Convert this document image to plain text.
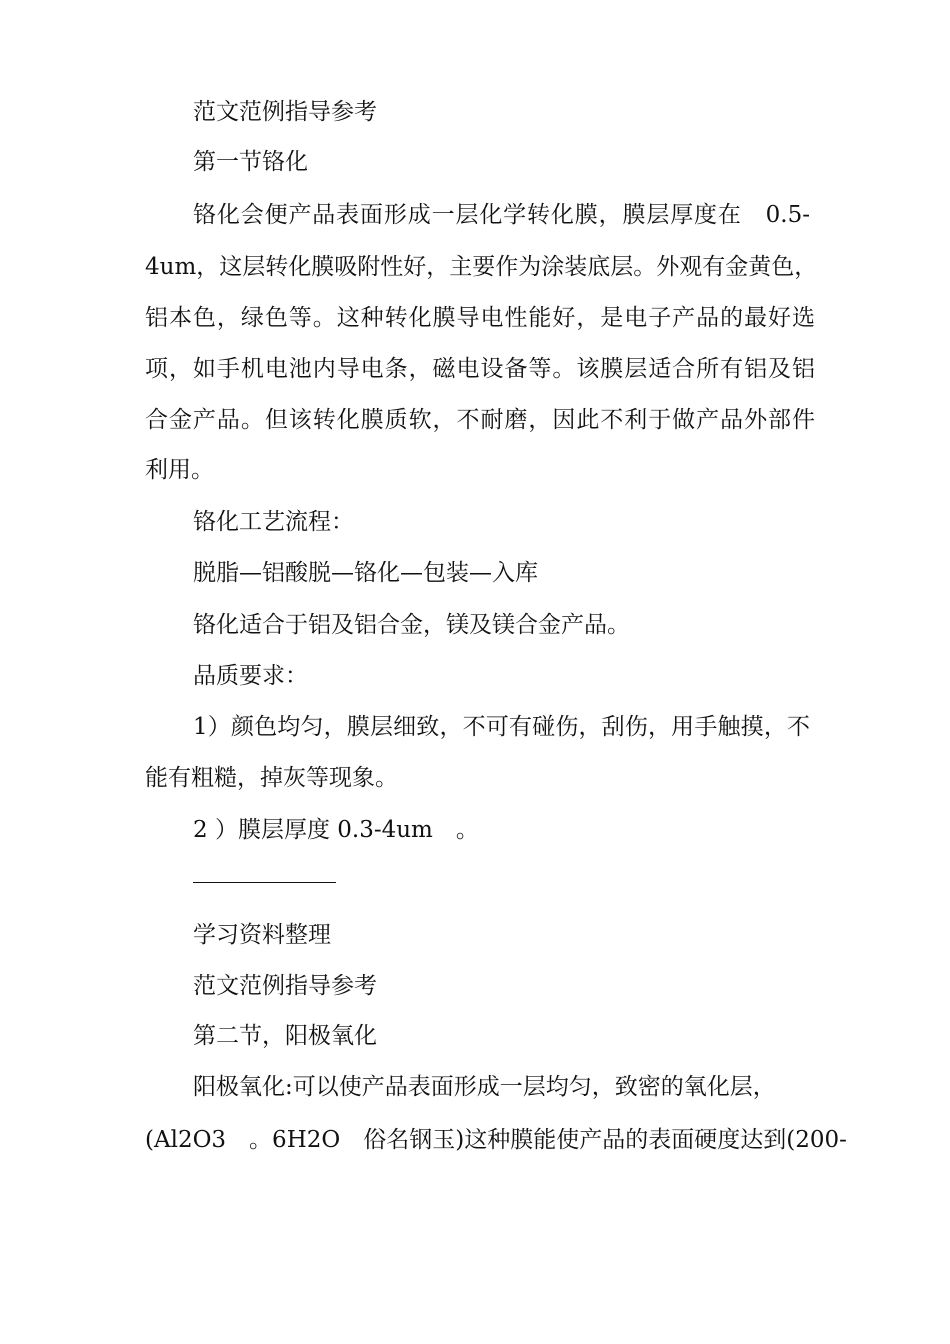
范文范例指导参考
第一节铬化
铬化会便产品表面形成一层化学转化膜，膜层厚度在　0.5-
4um，这层转化膜吸附性好，主要作为涂装底层。外观有金黄色，
铝本色，绿色等。这种转化膜导电性能好，是电子产品的最好选
项，如手机电池内导电条，磁电设备等。该膜层适合所有铝及铝
合金产品。但该转化膜质软，不耐磨，因此不利于做产品外部件
利用。
铬化工艺流程：
脱脂—铝酸脱—铬化—包装—入库
铬化适合于铝及铝合金，镁及镁合金产品。
品质要求：
1）颜色均匀，膜层细致，不可有碰伤，刮伤，用手触摸，不
能有粗糙，掉灰等现象。
2 ）膜层厚度 0.3-4um　。
学习资料整理
范文范例指导参考
第二节，阳极氧化
阳极氧化:可以使产品表面形成一层均匀，致密的氧化层，
(Al2O3　。6H2O　俗名钢玉)这种膜能使产品的表面硬度达到(200-
